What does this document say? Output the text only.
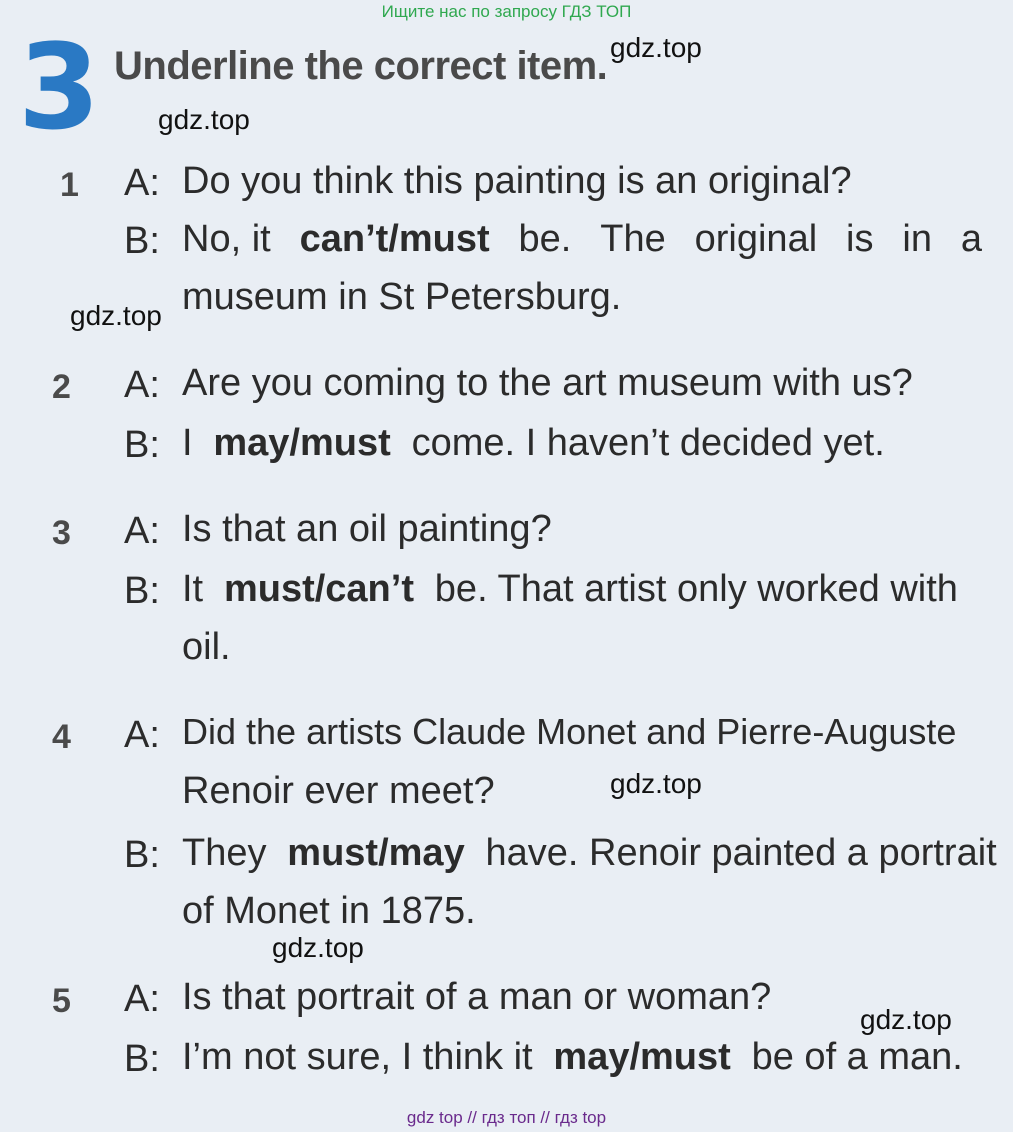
Ищите нас по запросу ГДЗ ТОП
3 Underline the correct item.
1 A: Do you think this painting is an original?
B: No, it can’t/must be. The original is in a
museum in St Petersburg.
2 A: Are you coming to the art museum with us?
B: I may/must come. I haven’t decided yet.
3 A: Is that an oil painting?
B: It must/can’t be. That artist only worked with
oil.
4 A: Did the artists Claude Monet and Pierre-Auguste
Renoir ever meet?
B: They must/may have. Renoir painted a portrait
of Monet in 1875.
5 A: Is that portrait of a man or woman?
B: I’m not sure, I think it may/must be of a man.
gdz.top
gdz.top
gdz.top
gdz.top
gdz.top
gdz.top
gdz top // гдз топ // гдз top
